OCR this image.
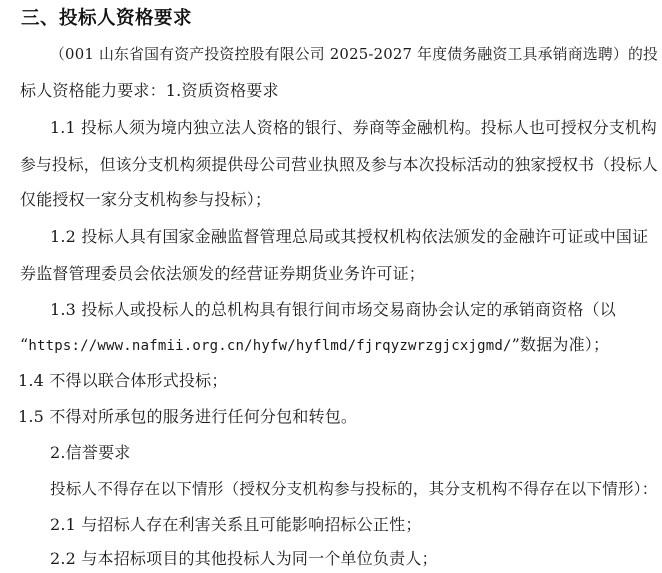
三、投标人资格要求
（001 山东省国有资产投资控股有限公司 2025-2027 年度债务融资工具承销商选聘）的投
标人资格能力要求：1.资质资格要求
1.1 投标人须为境内独立法人资格的银行、券商等金融机构。投标人也可授权分支机构
参与投标，但该分支机构须提供母公司营业执照及参与本次投标活动的独家授权书（投标人
仅能授权一家分支机构参与投标）；
1.2 投标人具有国家金融监督管理总局或其授权机构依法颁发的金融许可证或中国证
券监督管理委员会依法颁发的经营证券期货业务许可证；
1.3 投标人或投标人的总机构具有银行间市场交易商协会认定的承销商资格（以
“https://www.nafmii.org.cn/hyfw/hyflmd/fjrqyzwrzgjcxjgmd/”数据为准）；
1.4 不得以联合体形式投标；
1.5 不得对所承包的服务进行任何分包和转包。
2.信誉要求
投标人不得存在以下情形（授权分支机构参与投标的，其分支机构不得存在以下情形）：
2.1 与招标人存在利害关系且可能影响招标公正性；
2.2 与本招标项目的其他投标人为同一个单位负责人；
